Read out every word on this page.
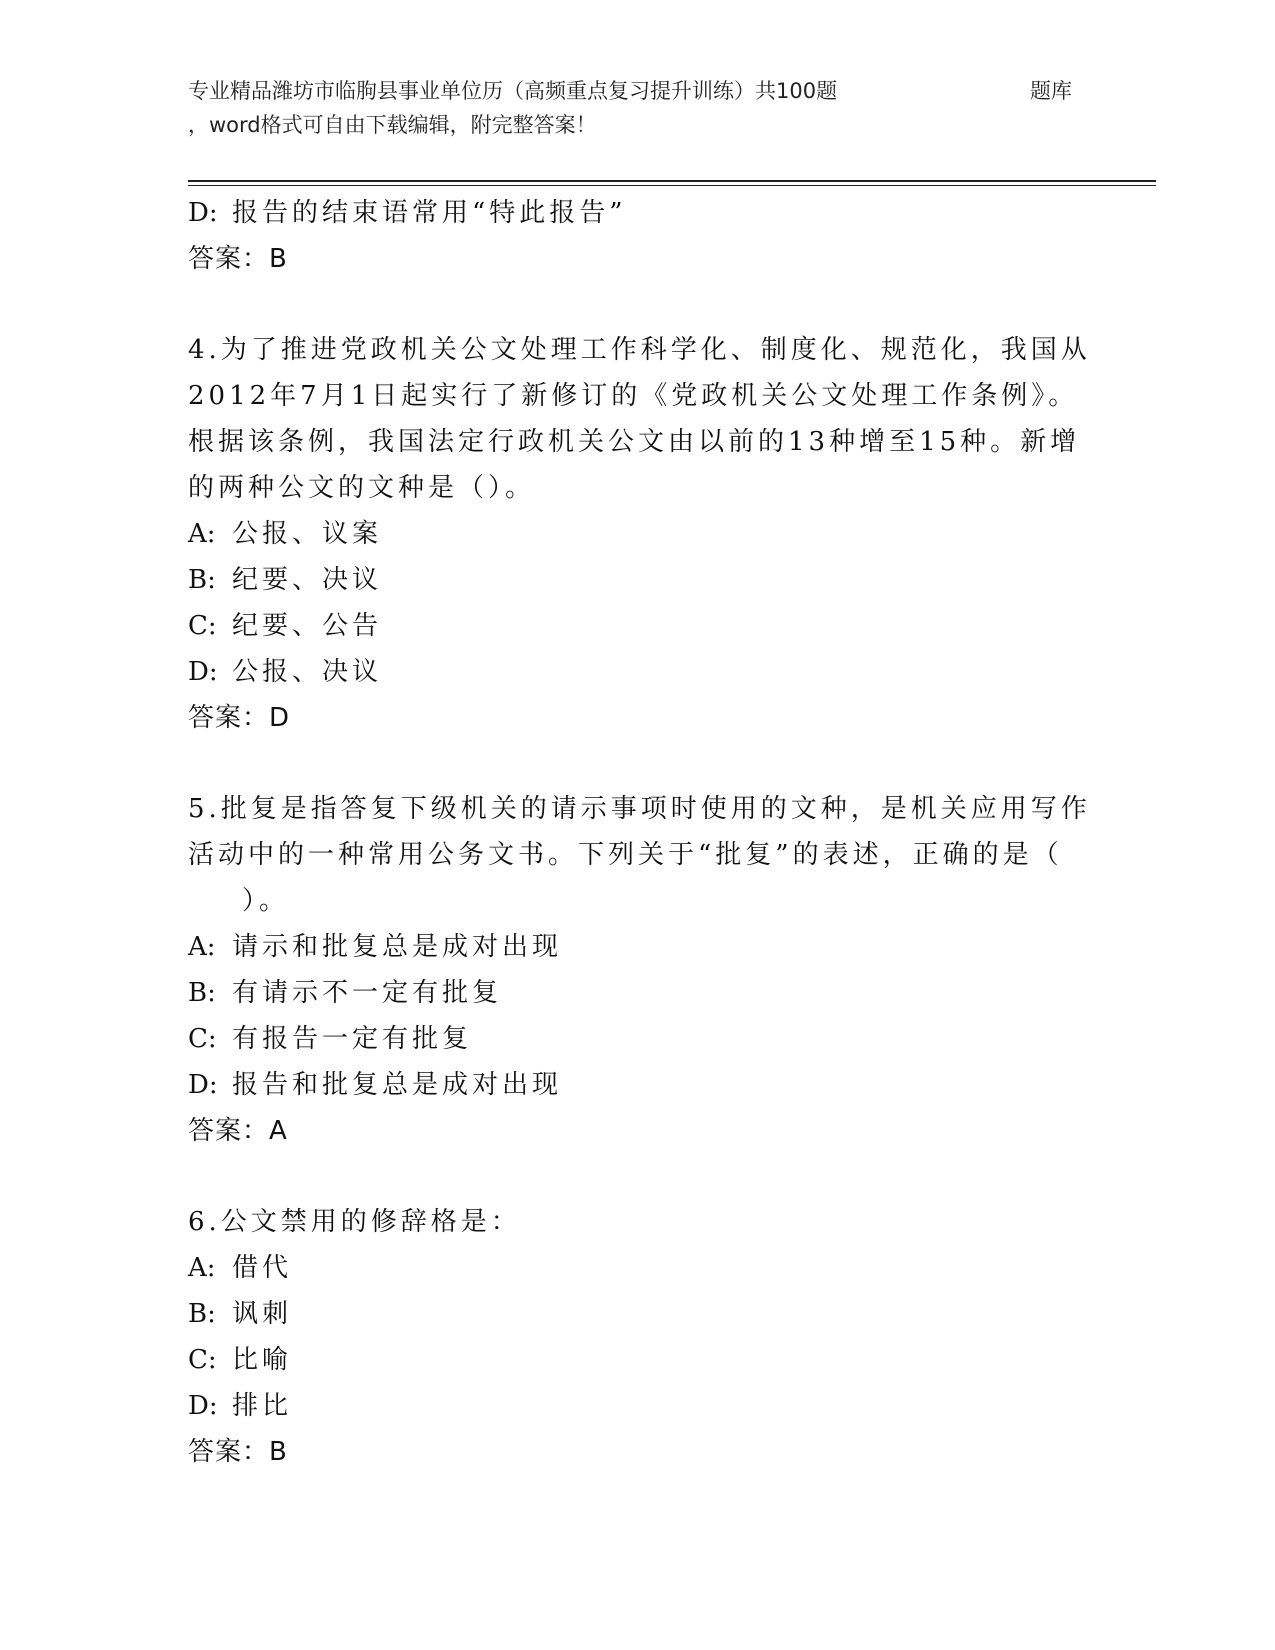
专业精品潍坊市临朐县事业单位历（高频重点复习提升训练）共100题	题库
，word格式可自由下载编辑，附完整答案！
D: 报告的结束语常用“特此报告”
答案：B
4.为了推进党政机关公文处理工作科学化、制度化、规范化，我国从
2012年7月1日起实行了新修订的《党政机关公文处理工作条例》。
根据该条例，我国法定行政机关公文由以前的13种增至15种。新增
的两种公文的文种是（）。
A: 公报、议案
B: 纪要、决议
C: 纪要、公告
D: 公报、决议
答案：D
5.批复是指答复下级机关的请示事项时使用的文种，是机关应用写作
活动中的一种常用公务文书。下列关于“批复”的表述，正确的是（
）。
A: 请示和批复总是成对出现
B: 有请示不一定有批复
C: 有报告一定有批复
D: 报告和批复总是成对出现
答案：A
6.公文禁用的修辞格是：
A: 借代
B: 讽刺
C: 比喻
D: 排比
答案：B
